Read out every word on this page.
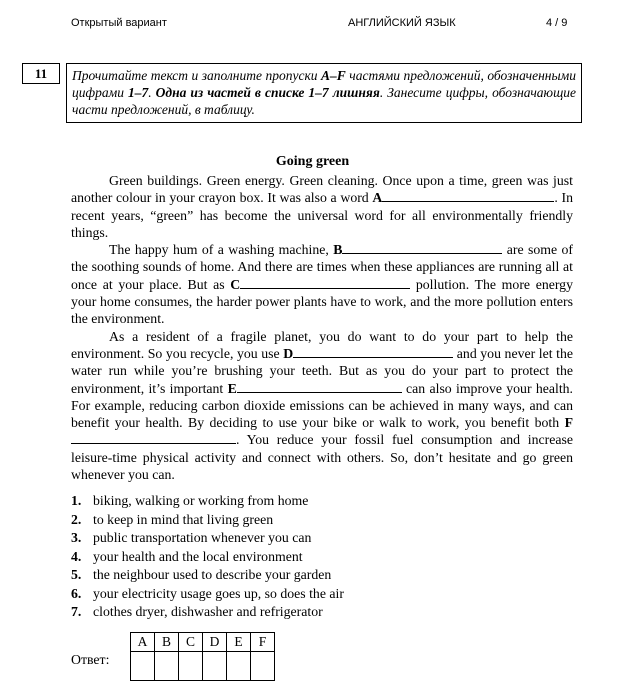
Открытый вариант	АНГЛИЙСКИЙ ЯЗЫК	4 / 9
11	Прочитайте текст и заполните пропуски A–F частями предложений, обозначенными цифрами 1–7. Одна из частей в списке 1–7 лишняя. Занесите цифры, обозначающие части предложений, в таблицу.
Going green

Green buildings. Green energy. Green cleaning. Once upon a time, green was just another colour in your crayon box. It was also a word A	. In recent years, “green” has become the universal word for all environmentally friendly things.

The happy hum of a washing machine, B	are some of the soothing sounds of home. And there are times when these appliances are running all at once at your place. But as C	pollution. The more energy your home consumes, the harder power plants have to work, and the more pollution enters the environment.

As a resident of a fragile planet, you do want to do your part to help the environment. So you recycle, you use D	and you never let the water run while you’re brushing your teeth. But as you do your part to protect the environment, it’s important E	can also improve your health. For example, reducing carbon dioxide emissions can be achieved in many ways, and can benefit your health. By deciding to use your bike or walk to work, you benefit both F. You reduce your fossil fuel consumption and increase leisure-time physical activity and connect with others. So, don’t hesitate and go green whenever you can.

1. biking, walking or working from home
2. to keep in mind that living green
3. public transportation whenever you can
4. your health and the local environment
5. the neighbour used to describe your garden
6. your electricity usage goes up, so does the air
7. clothes dryer, dishwasher and refrigerator
Ответ:
A	B	C	D	E	F
